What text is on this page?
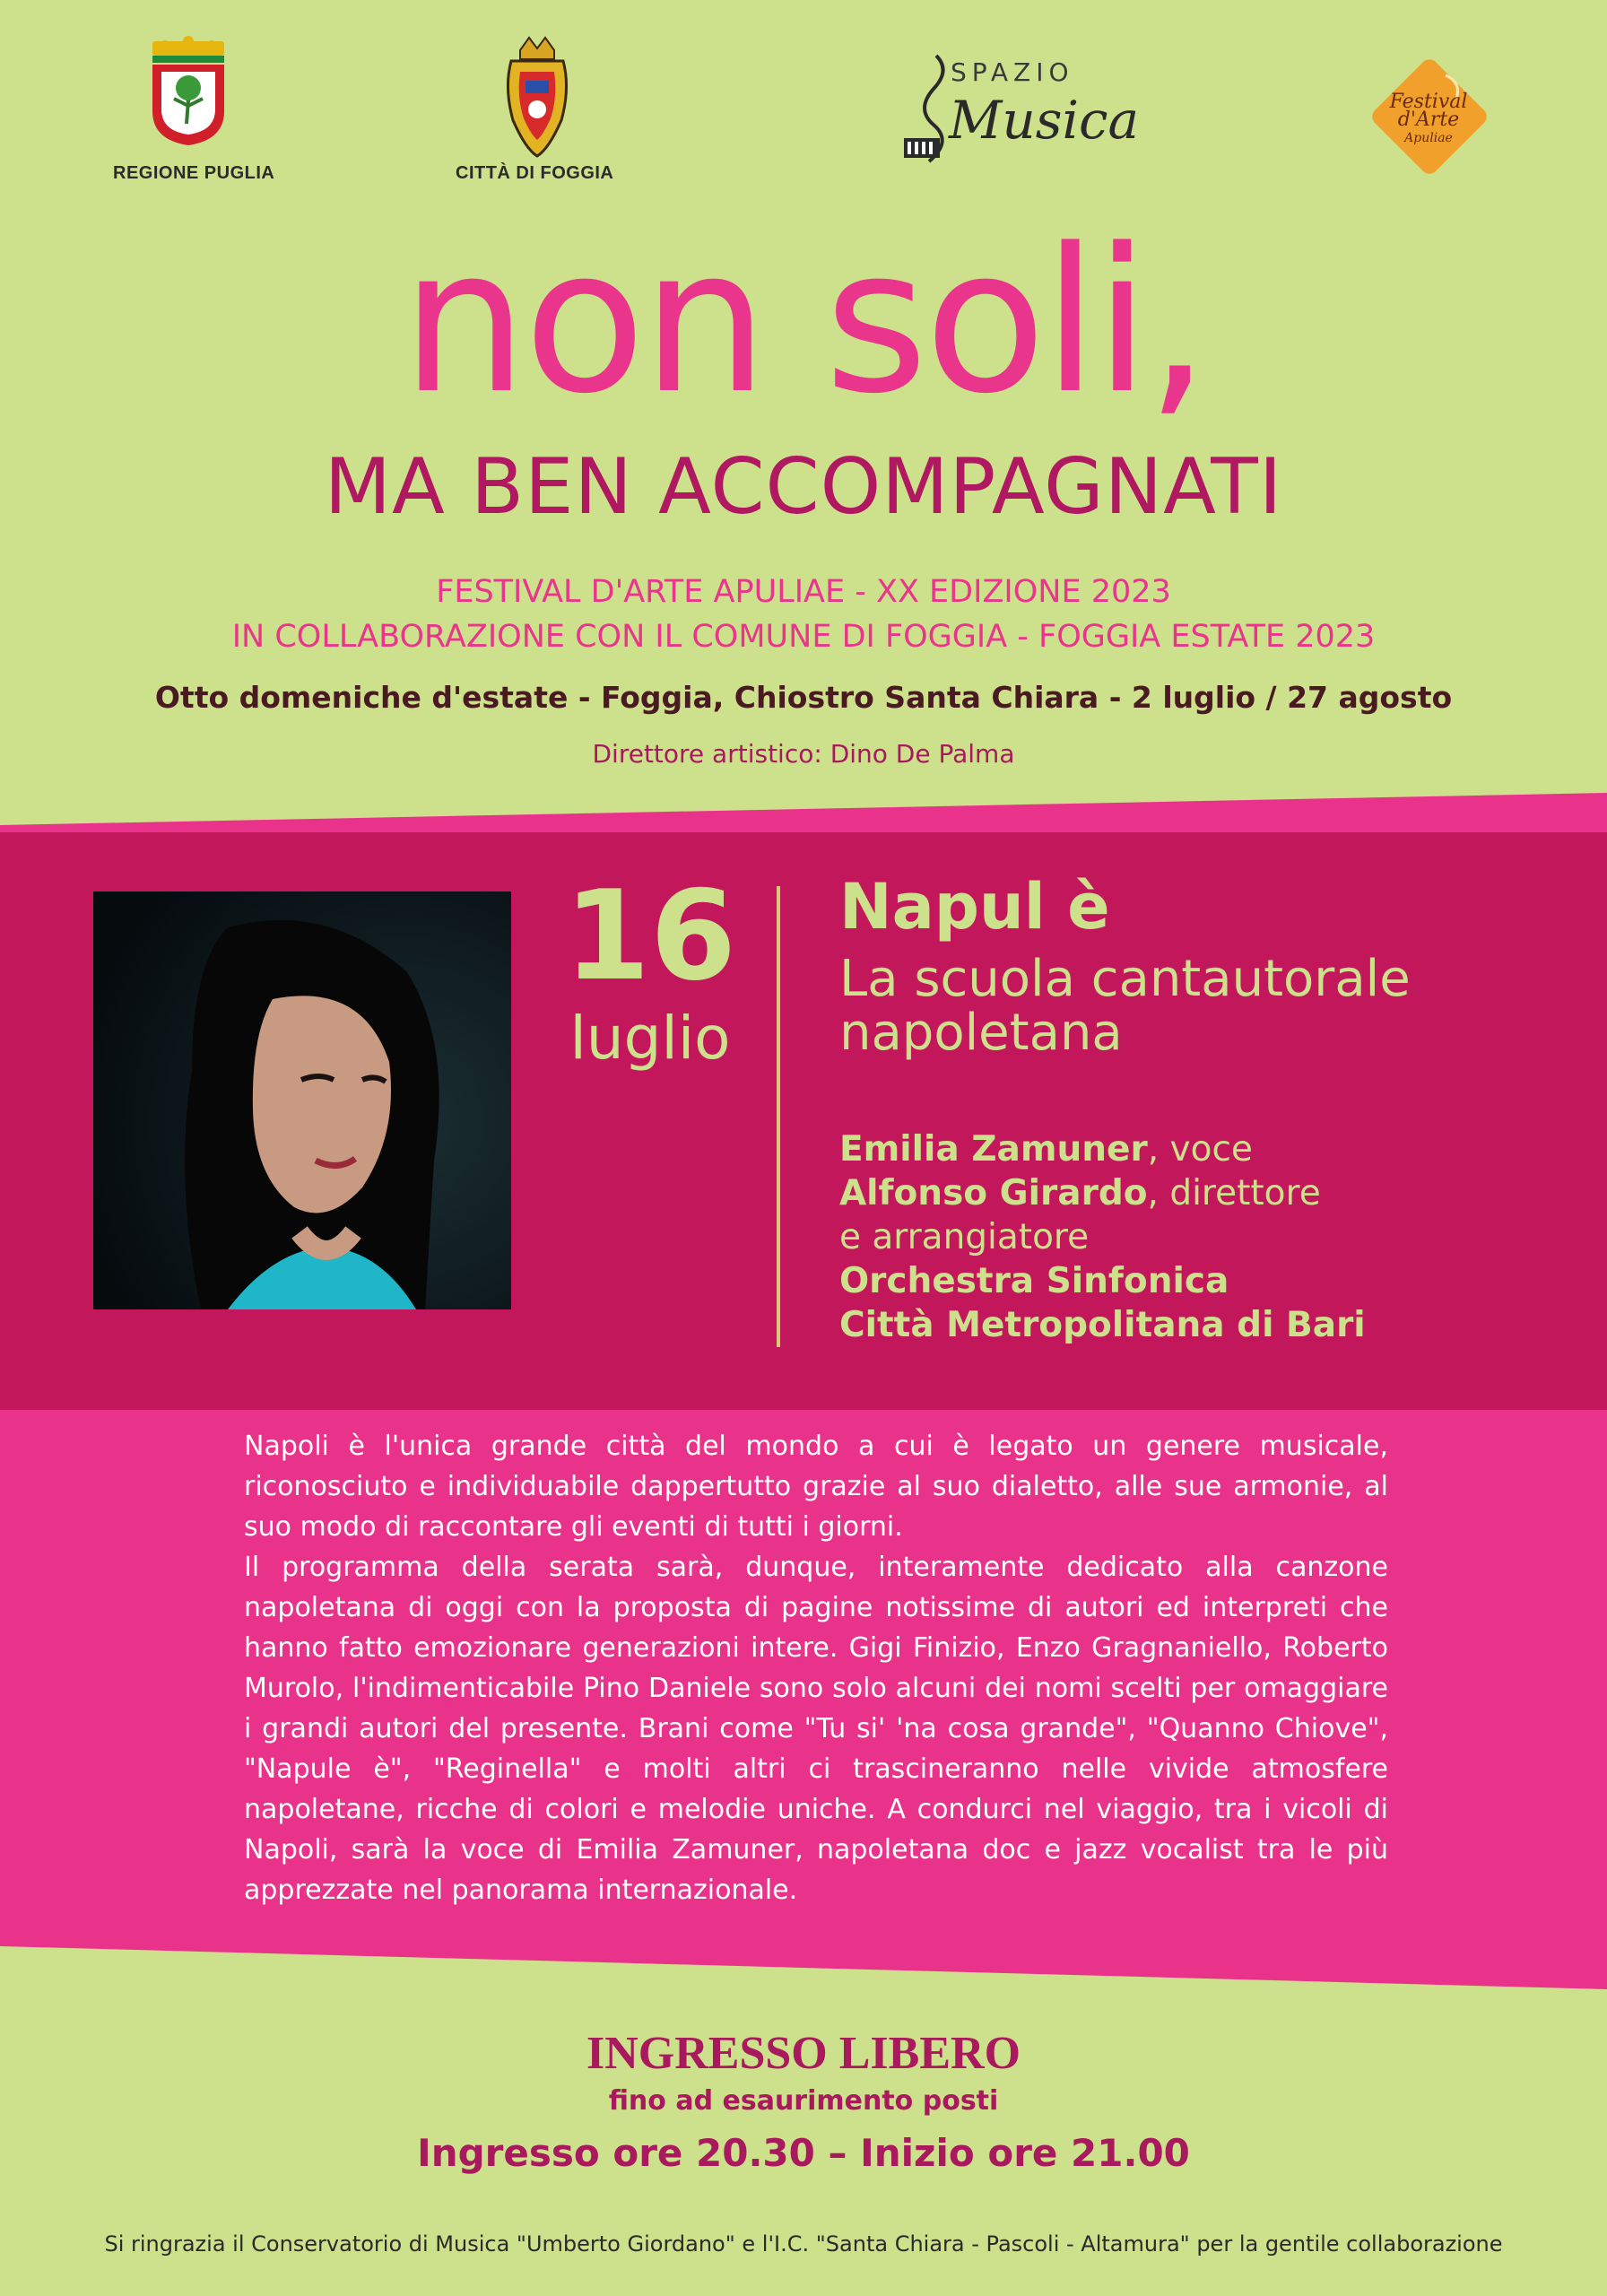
REGIONE PUGLIA	CITTÀ DI FOGGIA
SPAZIO
Musica	Festival
d'Arte
Apuliae
non soli,
MA BEN ACCOMPAGNATI
FESTIVAL D'ARTE APULIAE - XX EDIZIONE 2023
IN COLLABORAZIONE CON IL COMUNE DI FOGGIA - FOGGIA ESTATE 2023
Otto domeniche d'estate - Foggia, Chiostro Santa Chiara - 2 luglio / 27 agosto
Direttore artistico: Dino De Palma
16
luglio
Napul è
La scuola cantautorale
napoletana
Emilia Zamuner, voce
Alfonso Girardo, direttore
e arrangiatore
Orchestra Sinfonica
Città Metropolitana di Bari

Napoli è l'unica grande città del mondo a cui è legato un genere musicale, riconosciuto e individuabile dappertutto grazie al suo dialetto, alle sue armonie, al suo modo di raccontare gli eventi di tutti i giorni.

Il programma della serata sarà, dunque, interamente dedicato alla canzone napoletana di oggi con la proposta di pagine notissime di autori ed interpreti che hanno fatto emozionare generazioni intere. Gigi Finizio, Enzo Gragnaniello, Roberto Murolo, l'indimenticabile Pino Daniele sono solo alcuni dei nomi scelti per omaggiare i grandi autori del presente. Brani come "Tu si' 'na cosa grande", "Quanno Chiove", "Napule è", "Reginella" e molti altri ci trascineranno nelle vivide atmosfere napoletane, ricche di colori e melodie uniche. A condurci nel viaggio, tra i vicoli di Napoli, sarà la voce di Emilia Zamuner, napoletana doc e jazz vocalist tra le più apprezzate nel panorama internazionale.

INGRESSO LIBERO
fino ad esaurimento posti
Ingresso ore 20.30 – Inizio ore 21.00
Si ringrazia il Conservatorio di Musica "Umberto Giordano" e l'I.C. "Santa Chiara - Pascoli - Altamura" per la gentile collaborazione
